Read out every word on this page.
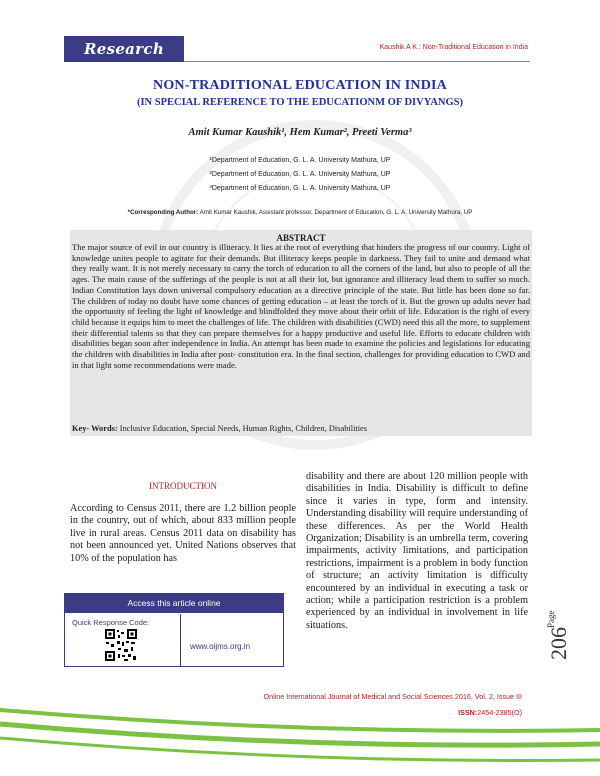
Research Article
Kaushik A K.: Non-Traditional Education in India
NON-TRADITIONAL EDUCATION IN INDIA
(IN SPECIAL REFERENCE TO THE EDUCATIONM OF DIVYANGS)
Amit Kumar Kaushik¹, Hem Kumar², Preeti Verma³
¹Department of Education, G. L. A. University Mathura, UP
²Department of Education, G. L. A. University Mathura, UP
³Department of Education, G. L. A. University Mathura, UP
*Corresponding Author: Amit Kumar Kaushik, Assistant professor, Department of Education, G. L. A. University Mathura, UP
ABSTRACT
The major source of evil in our country is illiteracy. It lies at the root of everything that hinders the progress of our country. Light of knowledge unites people to agitate for their demands. But illiteracy keeps people in darkness. They fail to unite and demand what they really want. It is not merely necessary to carry the torch of education to all the corners of the land, but also to people of all the ages. The main cause of the sufferings of the people is not at all their lot, but ignorance and illiteracy lead them to suffer so much. Indian Constitution lays down universal compulsory education as a directive principle of the state. But little has been done so far. The children of today no doubt have some chances of getting education – at least the torch of it. But the grown up adults never had the opportunity of feeling the light of knowledge and blindfolded they move about their orbit of life. Education is the right of every child because it equips him to meet the challenges of life. The children with disabilities (CWD) need this all the more, to supplement their differential talents so that they can prepare themselves for a happy productive and useful life. Efforts to educate children with disabilities began soon after independence in India. An attempt has been made to examine the policies and legislations for educating the children with disabilities in India after post- constitution era. In the final section, challenges for providing education to CWD and in that light some recommendations were made.
Key- Words: Inclusive Education, Special Needs, Human Rights, Children, Disabilities
INTRODUCTION
According to Census 2011, there are 1.2 billion people in the country, out of which, about 833 million people live in rural areas. Census 2011 data on disability has not been announced yet. United Nations observes that 10% of the population has
disability and there are about 120 million people with disabilities in India. Disability is difficult to define since it varies in type, form and intensity. Understanding disability will require understanding of these differences. As per the World Health Organization; Disability is an umbrella term, covering impairments, activity limitations, and participation restrictions, impairment is a problem in body function of structure; an activity limitation is difficulty encountered by an individual in executing a task or action; while a participation restriction is a problem experienced by an individual in involvement in life situations.
Access this article online
Quick Response Code:
www.oijms.org.in
Page
206
Online International Journal of Medical and Social Sciences 2016, Vol. 2, Issue III
ISSN:2454-2385(O)
